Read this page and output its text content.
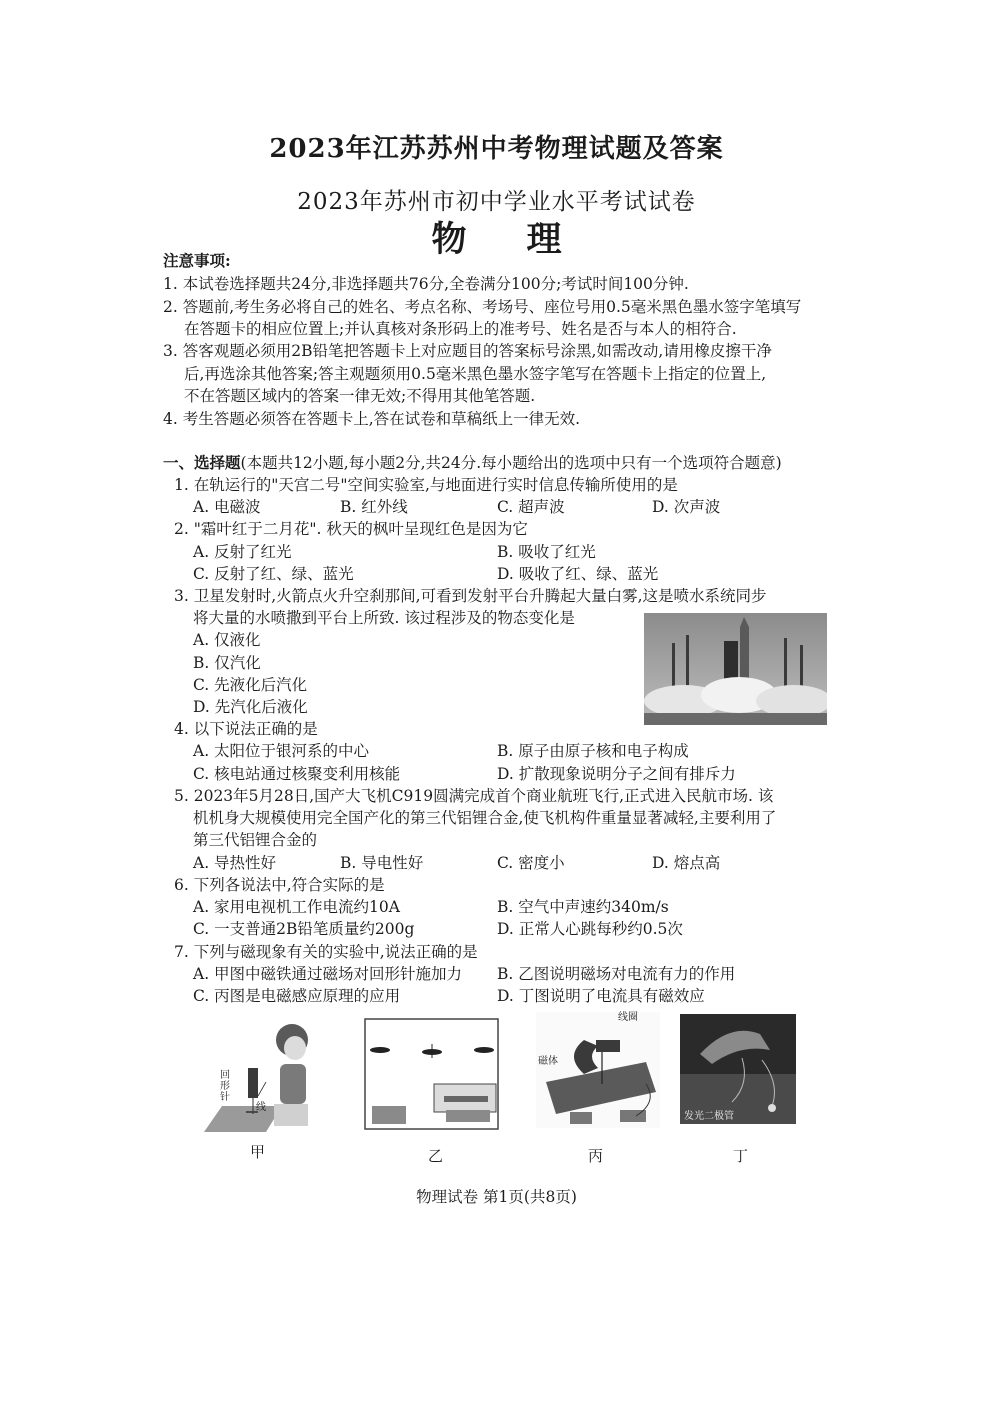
2023年江苏苏州中考物理试题及答案
2023年苏州市初中学业水平考试试卷
物理
注意事项:
1. 本试卷选择题共24分,非选择题共76分,全卷满分100分;考试时间100分钟.
2. 答题前,考生务必将自己的姓名、考点名称、考场号、座位号用0.5毫米黑色墨水签字笔填写
在答题卡的相应位置上;并认真核对条形码上的准考号、姓名是否与本人的相符合.
3. 答客观题必须用2B铅笔把答题卡上对应题目的答案标号涂黑,如需改动,请用橡皮擦干净
后,再选涂其他答案;答主观题须用0.5毫米黑色墨水签字笔写在答题卡上指定的位置上,
不在答题区域内的答案一律无效;不得用其他笔答题.
4. 考生答题必须答在答题卡上,答在试卷和草稿纸上一律无效.
一、选择题(本题共12小题,每小题2分,共24分.每小题给出的选项中只有一个选项符合题意)
1. 在轨运行的"天宫二号"空间实验室,与地面进行实时信息传输所使用的是
A. 电磁波	B. 红外线	C. 超声波	D. 次声波
2. "霜叶红于二月花". 秋天的枫叶呈现红色是因为它
A. 反射了红光	B. 吸收了红光
C. 反射了红、绿、蓝光	D. 吸收了红、绿、蓝光
3. 卫星发射时,火箭点火升空刹那间,可看到发射平台升腾起大量白雾,这是喷水系统同步
将大量的水喷撒到平台上所致. 该过程涉及的物态变化是
A. 仅液化
B. 仅汽化
C. 先液化后汽化
D. 先汽化后液化
4. 以下说法正确的是
A. 太阳位于银河系的中心	B. 原子由原子核和电子构成
C. 核电站通过核聚变利用核能	D. 扩散现象说明分子之间有排斥力
5. 2023年5月28日,国产大飞机C919圆满完成首个商业航班飞行,正式进入民航市场. 该
机机身大规模使用完全国产化的第三代铝锂合金,使飞机构件重量显著减轻,主要利用了
第三代铝锂合金的
A. 导热性好	B. 导电性好	C. 密度小	D. 熔点高
6. 下列各说法中,符合实际的是
A. 家用电视机工作电流约10A	B. 空气中声速约340m/s
C. 一支普通2B铅笔质量约200g	D. 正常人心跳每秒约0.5次
7. 下列与磁现象有关的实验中,说法正确的是
A. 甲图中磁铁通过磁场对回形针施加力 B. 乙图说明磁场对电流有力的作用
C. 丙图是电磁感应原理的应用	D. 丁图说明了电流具有磁效应
回形针
线
线圈
磁体
发光二极管
甲	乙	丙	丁
物理试卷 第1页(共8页)
